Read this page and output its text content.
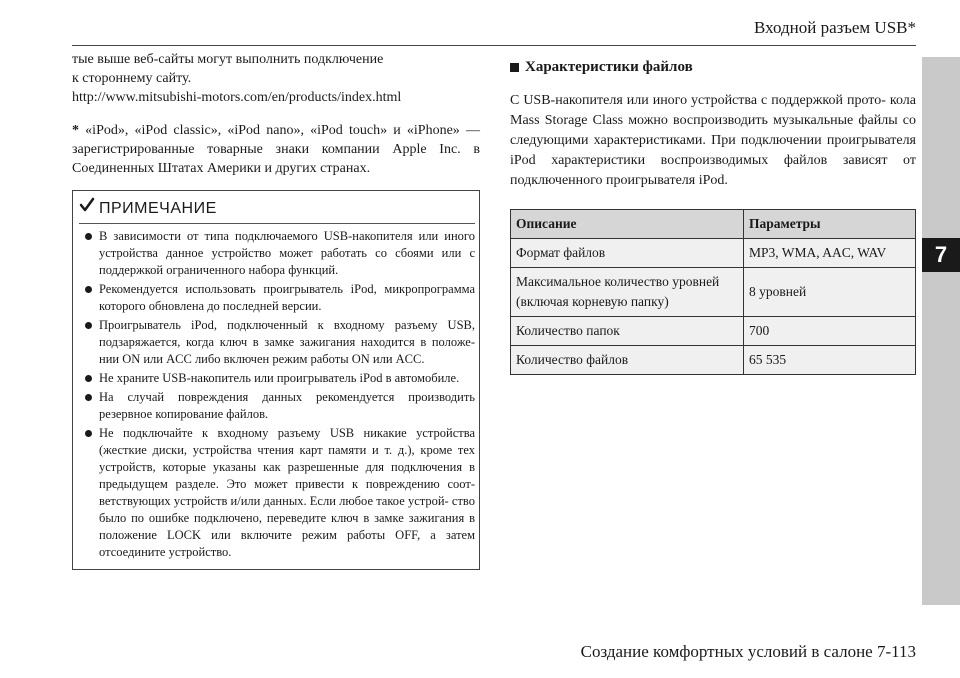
Входной разъем USB*
7

тые выше веб-сайты могут выполнить подключение

к стороннему сайту.

http://www.mitsubishi-motors.com/en/products/index.html

* «iPod», «iPod classic», «iPod nano», «iPod touch» и «iPhone» — зарегистрированные товарные знаки компании Apple Inc. в Соединенных Штатах Америки и других странах.

ПРИМЕЧАНИЕ
В зависимости от типа подключаемого USB-накопителя или иного устройства данное устройство может работать со сбоями или с поддержкой ограниченного набора функций.
Рекомендуется использовать проигрыватель iPod, микропрограмма которого обновлена до последней версии.
Проигрыватель iPod, подключенный к входному разъему USB, подзаряжается, когда ключ в замке зажигания находится в положе- нии ON или ACC либо включен режим работы ON или ACC.
Не храните USB-накопитель или проигрыватель iPod в автомобиле.
На случай повреждения данных рекомендуется производить резервное копирование файлов.
Не подключайте к входному разъему USB никакие устройства (жесткие диски, устройства чтения карт памяти и т. д.), кроме тех устройств, которые указаны как разрешенные для подключения в предыдущем разделе. Это может привести к повреждению соот- ветствующих устройств и/или данных. Если любое такое устрой- ство было по ошибке подключено, переведите ключ в замке зажигания в положение LOCK или включите режим работы OFF, а затем отсоедините устройство.
Характеристики файлов

С USB-накопителя или иного устройства с поддержкой прото- кола Mass Storage Class можно воспроизводить музыкальные файлы со следующими характеристиками. При подключении проигрывателя iPod характеристики воспроизводимых файлов зависят от подключенного проигрывателя iPod.

Описание	Параметры
Формат файлов	MP3, WMA, AAC, WAV
Максимальное количество уровней (включая корневую папку)	8 уровней
Количество папок	700
Количество файлов	65 535
Создание комфортных условий в салоне 7-113
